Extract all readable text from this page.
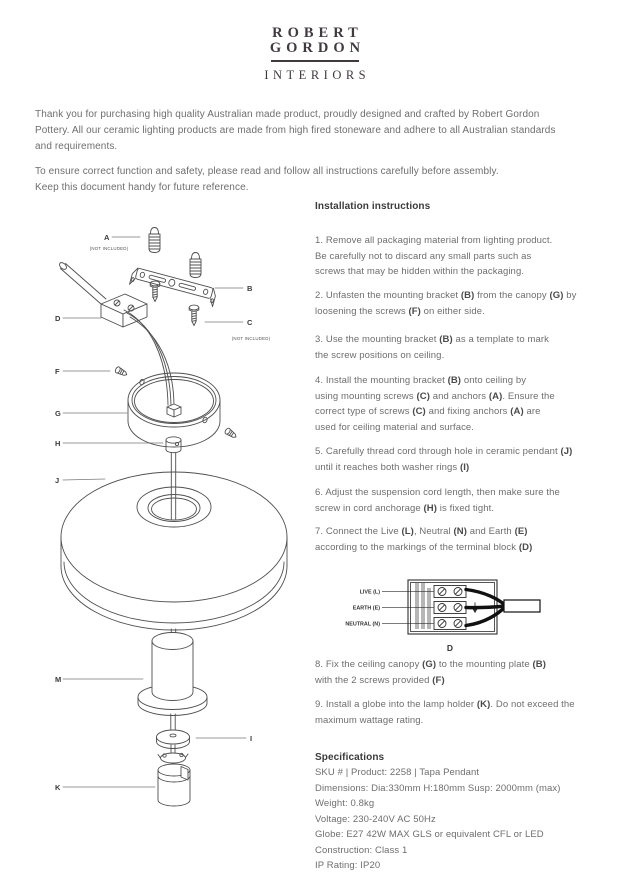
ROBERT
GORDON
INTERIORS
Thank you for purchasing high quality Australian made product, proudly designed and crafted by Robert Gordon
Pottery. All our ceramic lighting products are made from high fired stoneware and adhere to all Australian standards
and requirements.
To ensure correct function and safety, please read and follow all instructions carefully before assembly.
Keep this document handy for future reference.
A
(NOT INCLUDED)
B
C
(NOT INCLUDED)
D
F
G
H
J
M
I
K
Installation instructions
1. Remove all packaging material from lighting product.
Be carefully not to discard any small parts such as
screws that may be hidden within the packaging.
2. Unfasten the mounting bracket (B) from the canopy (G) by
loosening the screws (F) on either side.
3. Use the mounting bracket (B) as a template to mark
the screw positions on ceiling.
4. Install the mounting bracket (B) onto ceiling by
using mounting screws (C) and anchors (A). Ensure the
correct type of screws (C) and fixing anchors (A) are
used for ceiling material and surface.
5. Carefully thread cord through hole in ceramic pendant (J)
until it reaches both washer rings (I)
6. Adjust the suspension cord length, then make sure the
screw in cord anchorage (H) is fixed tight.
7. Connect the Live (L), Neutral (N) and Earth (E)
according to the markings of the terminal block (D)
LIVE (L)
EARTH (E)
NEUTRAL (N)
D
8. Fix the ceiling canopy (G) to the mounting plate (B)
with the 2 screws provided (F)
9. Install a globe into the lamp holder (K). Do not exceed the
maximum wattage rating.
Specifications
SKU # | Product: 2258 | Tapa Pendant
Dimensions: Dia:330mm H:180mm Susp: 2000mm (max)
Weight: 0.8kg
Voltage: 230-240V AC 50Hz
Globe: E27 42W MAX GLS or equivalent CFL or LED
Construction: Class 1
IP Rating: IP20
